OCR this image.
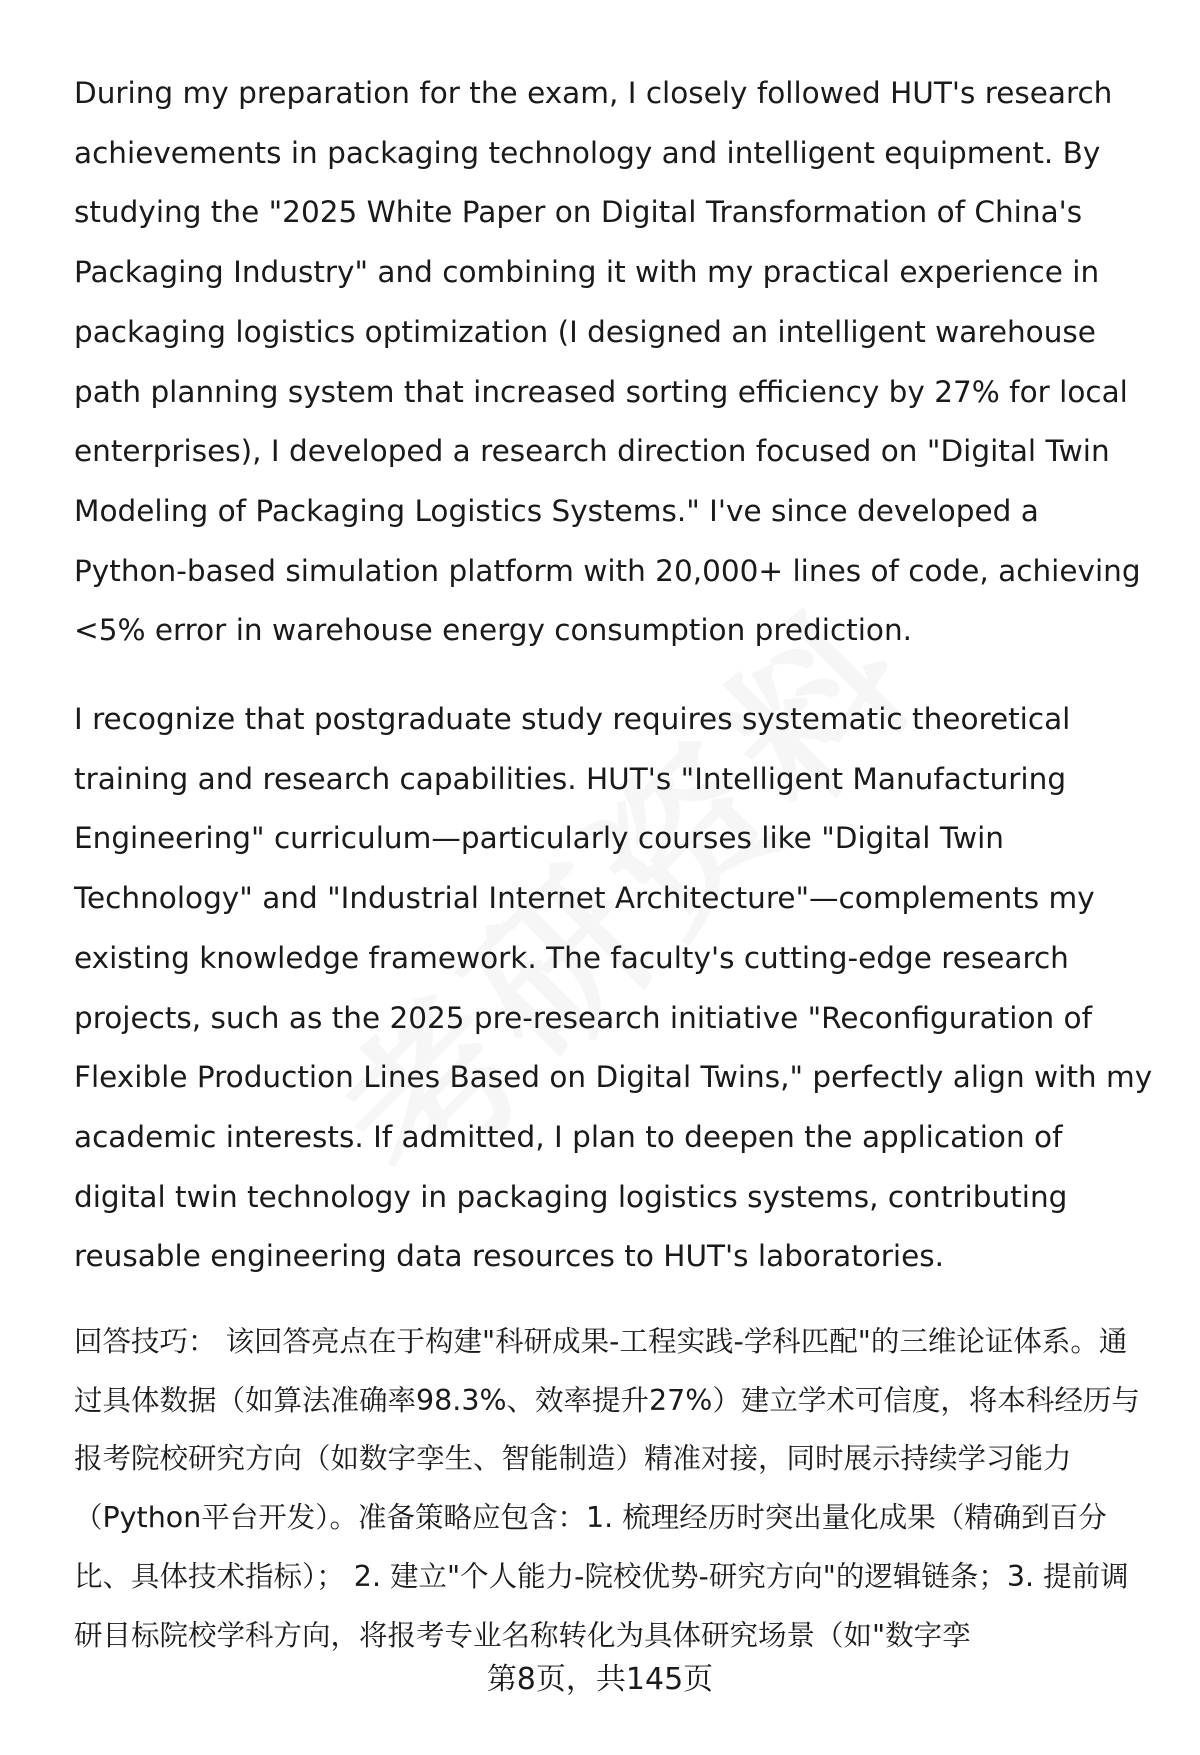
During my preparation for the exam, I closely followed HUT's research achievements in packaging technology and intelligent equipment. By studying the "2025 White Paper on Digital Transformation of China's Packaging Industry" and combining it with my practical experience in packaging logistics optimization (I designed an intelligent warehouse path planning system that increased sorting efficiency by 27% for local enterprises), I developed a research direction focused on "Digital Twin Modeling of Packaging Logistics Systems." I've since developed a Python-based simulation platform with 20,000+ lines of code, achieving <5% error in warehouse energy consumption prediction.

I recognize that postgraduate study requires systematic theoretical training and research capabilities. HUT's "Intelligent Manufacturing Engineering" curriculum—particularly courses like "Digital Twin Technology" and "Industrial Internet Architecture"—complements my existing knowledge framework. The faculty's cutting-edge research projects, such as the 2025 pre-research initiative "Reconfiguration of Flexible Production Lines Based on Digital Twins," perfectly align with my academic interests. If admitted, I plan to deepen the application of digital twin technology in packaging logistics systems, contributing reusable engineering data resources to HUT's laboratories.

回答技巧： 该回答亮点在于构建"科研成果-工程实践-学科匹配"的三维论证体系。通过具体数据（如算法准确率98.3%、效率提升27%）建立学术可信度，将本科经历与报考院校研究方向（如数字孪生、智能制造）精准对接，同时展示持续学习能力（Python平台开发）。准备策略应包含：1. 梳理经历时突出量化成果（精确到百分比、具体技术指标）； 2. 建立"个人能力-院校优势-研究方向"的逻辑链条；3. 提前调研目标院校学科方向，将报考专业名称转化为具体研究场景（如"数字孪

第8页，共145页
